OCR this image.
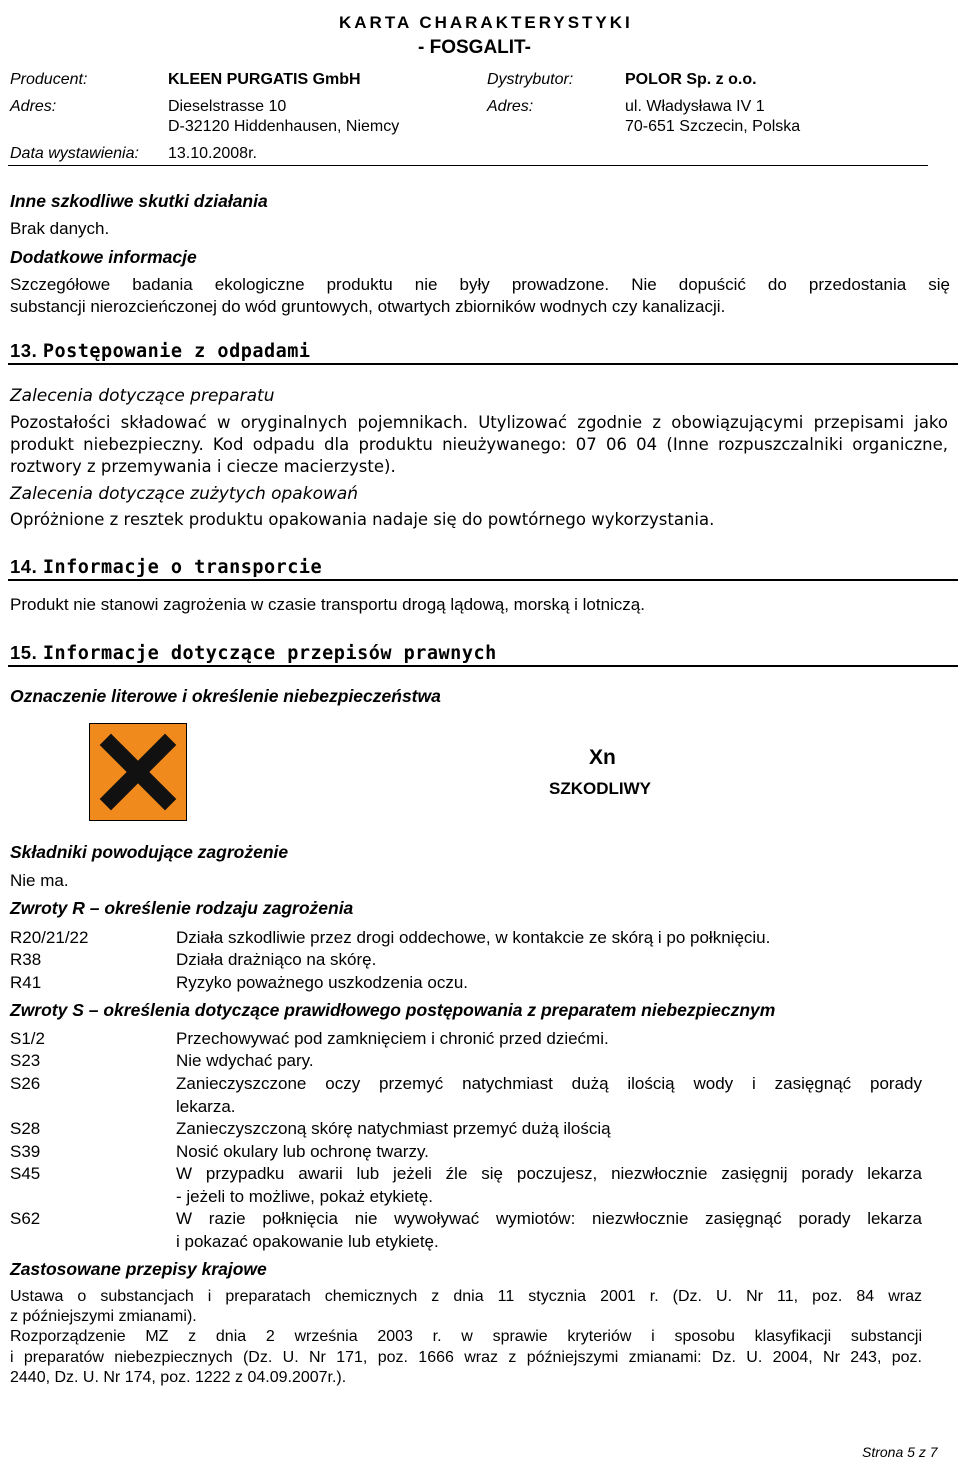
KARTA CHARAKTERYSTYKI
- FOSGALIT-
Producent:	KLEEN PURGATIS GmbH	Dystrybutor:	POLOR Sp. z o.o.
Adres:	Dieselstrasse 10	Adres:	ul. Władysława IV 1
D-32120 Hiddenhausen, Niemcy	70-651 Szczecin, Polska
Data wystawienia: 13.10.2008r.
Inne szkodliwe skutki działania
Brak danych.
Dodatkowe informacje
Szczegółowe badania ekologiczne produktu nie były prowadzone. Nie dopuścić do przedostania się
substancji nierozcieńczonej do wód gruntowych, otwartych zbiorników wodnych czy kanalizacji.
13. Postępowanie z odpadami
Zalecenia dotyczące preparatu
Pozostałości składować w oryginalnych pojemnikach. Utylizować zgodnie z obowiązującymi przepisami jako
produkt niebezpieczny. Kod odpadu dla produktu nieużywanego: 07 06 04 (Inne rozpuszczalniki organiczne,
roztwory z przemywania i ciecze macierzyste).
Zalecenia dotyczące zużytych opakowań
Opróżnione z resztek produktu opakowania nadaje się do powtórnego wykorzystania.
14. Informacje o transporcie
Produkt nie stanowi zagrożenia w czasie transportu drogą lądową, morską i lotniczą.
15. Informacje dotyczące przepisów prawnych
Oznaczenie literowe i określenie niebezpieczeństwa
Xn
SZKODLIWY
Składniki powodujące zagrożenie
Nie ma.
Zwroty R – określenie rodzaju zagrożenia
R20/21/22	Działa szkodliwie przez drogi oddechowe, w kontakcie ze skórą i po połknięciu.
R38	Działa drażniąco na skórę.
R41	Ryzyko poważnego uszkodzenia oczu.
Zwroty S – określenia dotyczące prawidłowego postępowania z preparatem niebezpiecznym
S1/2	Przechowywać pod zamknięciem i chronić przed dziećmi.
S23	Nie wdychać pary.
S26	Zanieczyszczone oczy przemyć natychmiast dużą ilością wody i zasięgnąć porady
lekarza.
S28	Zanieczyszczoną skórę natychmiast przemyć dużą ilością
S39	Nosić okulary lub ochronę twarzy.
S45	W przypadku awarii lub jeżeli źle się poczujesz, niezwłocznie zasięgnij porady lekarza
- jeżeli to możliwe, pokaż etykietę.
S62	W razie połknięcia nie wywoływać wymiotów: niezwłocznie zasięgnąć porady lekarza
i pokazać opakowanie lub etykietę.
Zastosowane przepisy krajowe
Ustawa o substancjach i preparatach chemicznych z dnia 11 stycznia 2001 r. (Dz. U. Nr 11, poz. 84 wraz
z późniejszymi zmianami).
Rozporządzenie MZ z dnia 2 września 2003 r. w sprawie kryteriów i sposobu klasyfikacji substancji
i preparatów niebezpiecznych (Dz. U. Nr 171, poz. 1666 wraz z późniejszymi zmianami: Dz. U. 2004, Nr 243, poz.
2440, Dz. U. Nr 174, poz. 1222 z 04.09.2007r.).
Strona 5 z 7
